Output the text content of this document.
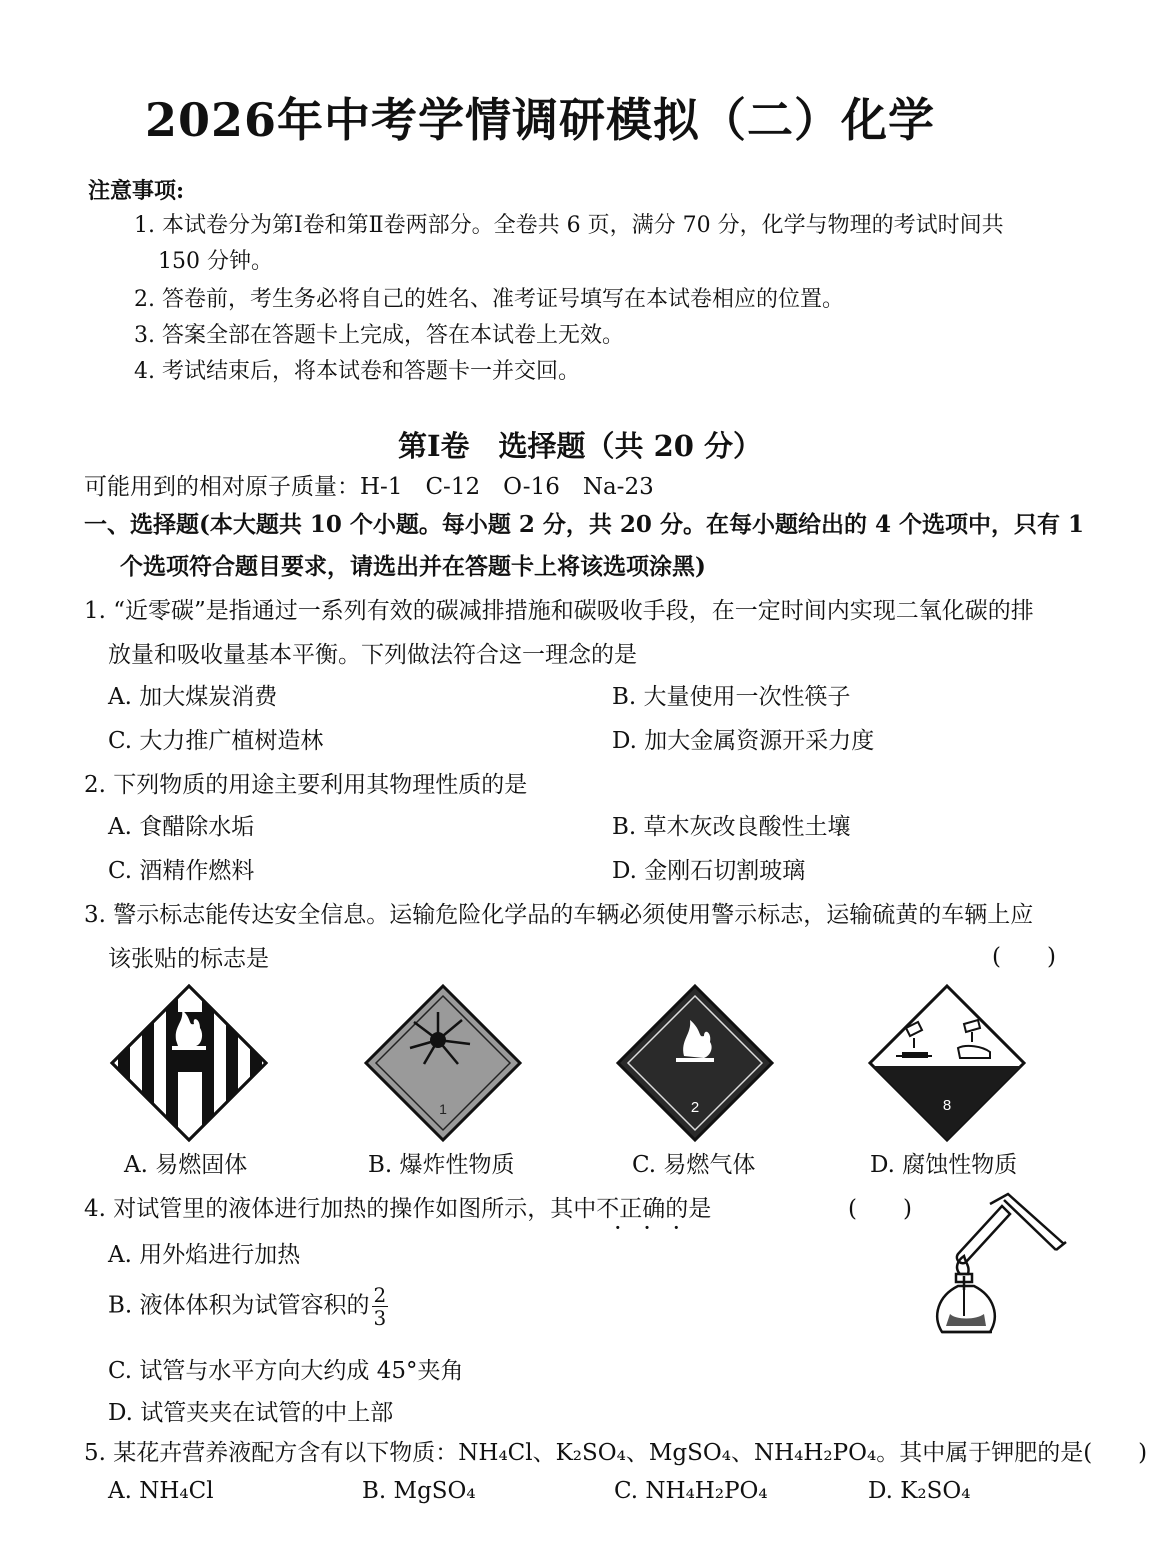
2026年中考学情调研模拟（二）化学
注意事项:
1. 本试卷分为第Ⅰ卷和第Ⅱ卷两部分。全卷共 6 页，满分 70 分，化学与物理的考试时间共
150 分钟。
2. 答卷前，考生务必将自己的姓名、准考证号填写在本试卷相应的位置。
3. 答案全部在答题卡上完成，答在本试卷上无效。
4. 考试结束后，将本试卷和答题卡一并交回。
第Ⅰ卷　选择题（共 20 分）
可能用到的相对原子质量：H-1　C-12　O-16　Na-23
一、选择题(本大题共 10 个小题。每小题 2 分，共 20 分。在每小题给出的 4 个选项中，只有 1
个选项符合题目要求，请选出并在答题卡上将该选项涂黑)
1. “近零碳”是指通过一系列有效的碳减排措施和碳吸收手段，在一定时间内实现二氧化碳的排
放量和吸收量基本平衡。下列做法符合这一理念的是
A. 加大煤炭消费	B. 大量使用一次性筷子
C. 大力推广植树造林	D. 加大金属资源开采力度
2. 下列物质的用途主要利用其物理性质的是
A. 食醋除水垢	B. 草木灰改良酸性土壤
C. 酒精作燃料	D. 金刚石切割玻璃
3. 警示标志能传达安全信息。运输危险化学品的车辆必须使用警示标志，运输硫黄的车辆上应
该张贴的标志是	(　　)
A. 易燃固体
1
B. 爆炸性物质
2
C. 易燃气体
8
D. 腐蚀性物质
4. 对试管里的液体进行加热的操作如图所示，其中不正确的是
· · ·
(　　)
A. 用外焰进行加热
B. 液体体积为试管容积的 $\frac{2}{3}$
C. 试管与水平方向大约成 45°夹角
D. 试管夹夹在试管的中上部
5. 某花卉营养液配方含有以下物质：NH₄Cl、K₂SO₄、MgSO₄、NH₄H₂PO₄。其中属于钾肥的是(　　)
A. NH₄Cl	B. MgSO₄	C. NH₄H₂PO₄	D. K₂SO₄
